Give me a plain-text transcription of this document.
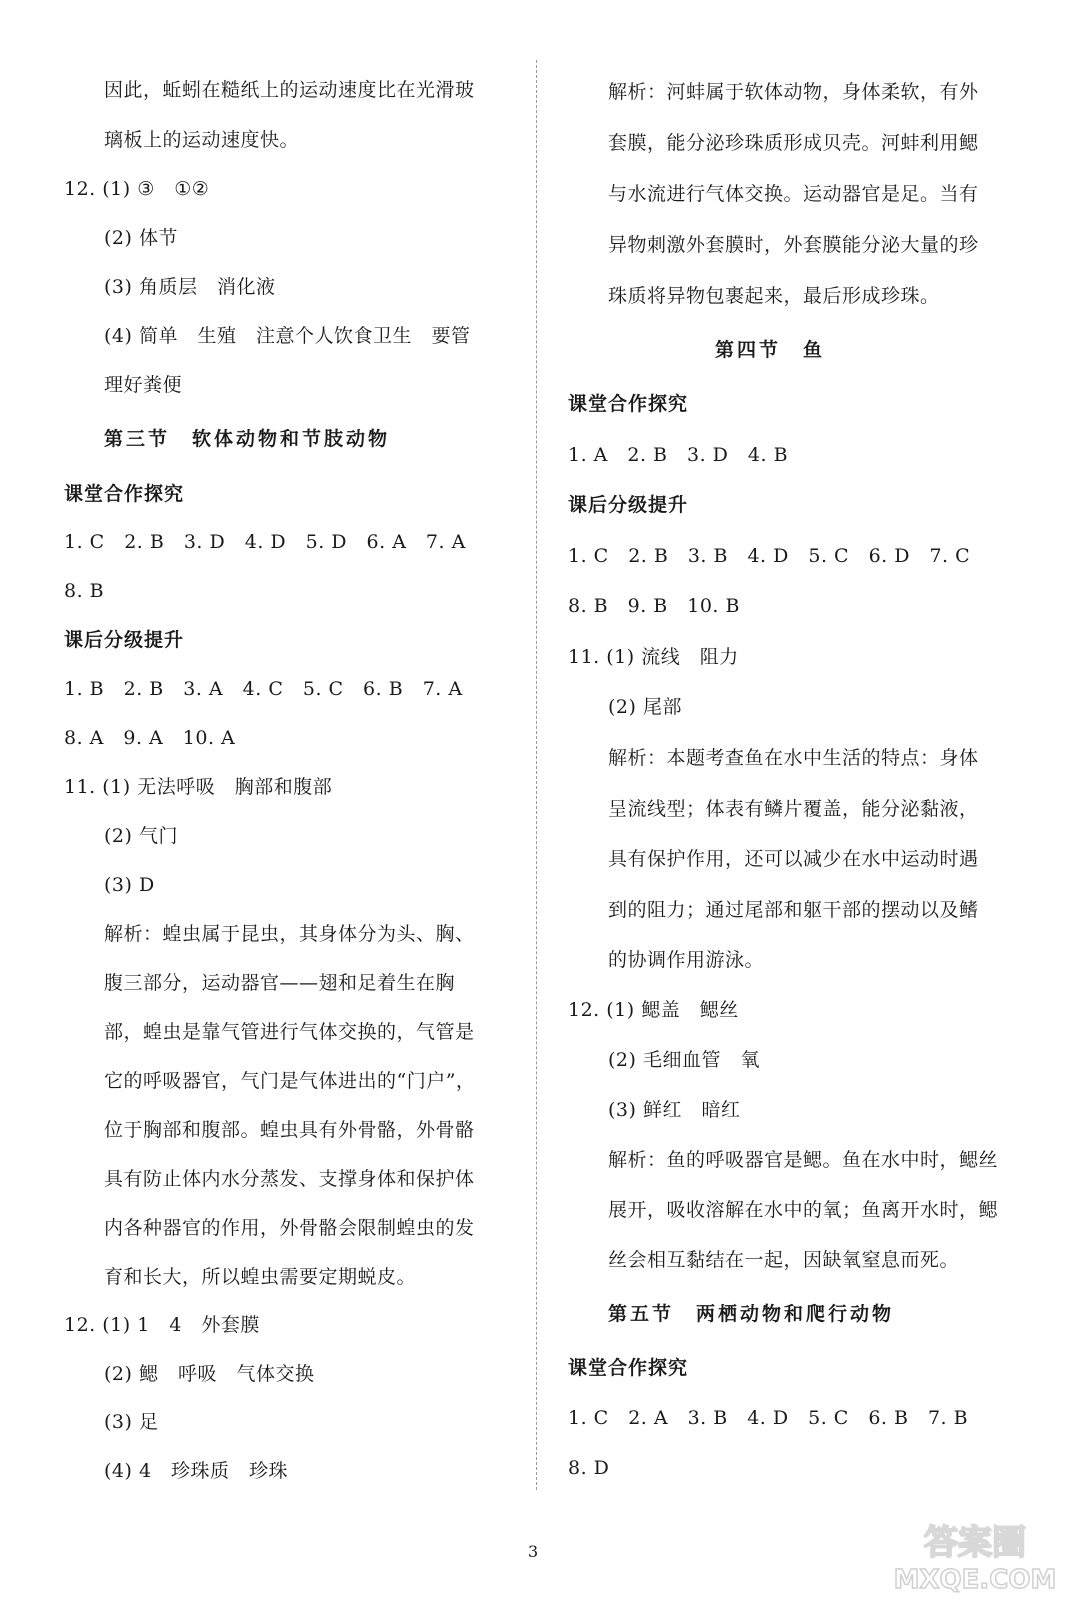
因此，蚯蚓在糙纸上的运动速度比在光滑玻
璃板上的运动速度快。
12. (1) ③　①②
(2) 体节
(3) 角质层　消化液
(4) 简单　生殖　注意个人饮食卫生　要管
理好粪便
第三节　软体动物和节肢动物
课堂合作探究
1. C　2. B　3. D　4. D　5. D　6. A　7. A
8. B
课后分级提升
1. B　2. B　3. A　4. C　5. C　6. B　7. A
8. A　9. A　10. A
11. (1) 无法呼吸　胸部和腹部
(2) 气门
(3) D
解析：蝗虫属于昆虫，其身体分为头、胸、
腹三部分，运动器官——翅和足着生在胸
部，蝗虫是靠气管进行气体交换的，气管是
它的呼吸器官，气门是气体进出的“门户”，
位于胸部和腹部。蝗虫具有外骨骼，外骨骼
具有防止体内水分蒸发、支撑身体和保护体
内各种器官的作用，外骨骼会限制蝗虫的发
育和长大，所以蝗虫需要定期蜕皮。
12. (1) 1　4　外套膜
(2) 鳃　呼吸　气体交换
(3) 足
(4) 4　珍珠质　珍珠
解析：河蚌属于软体动物，身体柔软，有外
套膜，能分泌珍珠质形成贝壳。河蚌利用鳃
与水流进行气体交换。运动器官是足。当有
异物刺激外套膜时，外套膜能分泌大量的珍
珠质将异物包裹起来，最后形成珍珠。
第四节　鱼
课堂合作探究
1. A　2. B　3. D　4. B
课后分级提升
1. C　2. B　3. B　4. D　5. C　6. D　7. C
8. B　9. B　10. B
11. (1) 流线　阻力
(2) 尾部
解析：本题考查鱼在水中生活的特点：身体
呈流线型；体表有鳞片覆盖，能分泌黏液，
具有保护作用，还可以减少在水中运动时遇
到的阻力；通过尾部和躯干部的摆动以及鳍
的协调作用游泳。
12. (1) 鳃盖　鳃丝
(2) 毛细血管　氧
(3) 鲜红　暗红
解析：鱼的呼吸器官是鳃。鱼在水中时，鳃丝
展开，吸收溶解在水中的氧；鱼离开水时，鳃
丝会相互黏结在一起，因缺氧窒息而死。
第五节　两栖动物和爬行动物
课堂合作探究
1. C　2. A　3. B　4. D　5. C　6. B　7. B
8. D
3	答案圈
MXQE.COM
